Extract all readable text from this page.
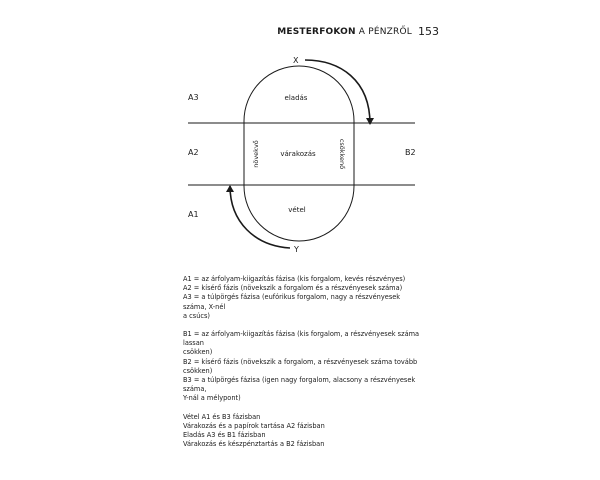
MESTERFOKON A PÉNZRŐL 153
A3
A2
A1
B2
X
Y
eladás
várakozás
vétel
növekvő	csökkenő

A1 = az árfolyam-kiigazítás fázisa (kis forgalom, kevés részvényes)

A2 = kísérő fázis (növekszik a forgalom és a részvényesek száma)

A3 = a túlpörgés fázisa (eufórikus forgalom, nagy a részvényesek száma, X-nél

a csúcs)

B1 = az árfolyam-kiigazítás fázisa (kis forgalom, a részvényesek száma lassan

csökken)

B2 = kísérő fázis (növekszik a forgalom, a részvényesek száma tovább csökken)

B3 = a túlpörgés fázisa (igen nagy forgalom, alacsony a részvényesek száma,

Y-nál a mélypont)

Vétel A1 és B3 fázisban

Várakozás és a papírok tartása A2 fázisban

Eladás A3 és B1 fázisban

Várakozás és készpénztartás a B2 fázisban
